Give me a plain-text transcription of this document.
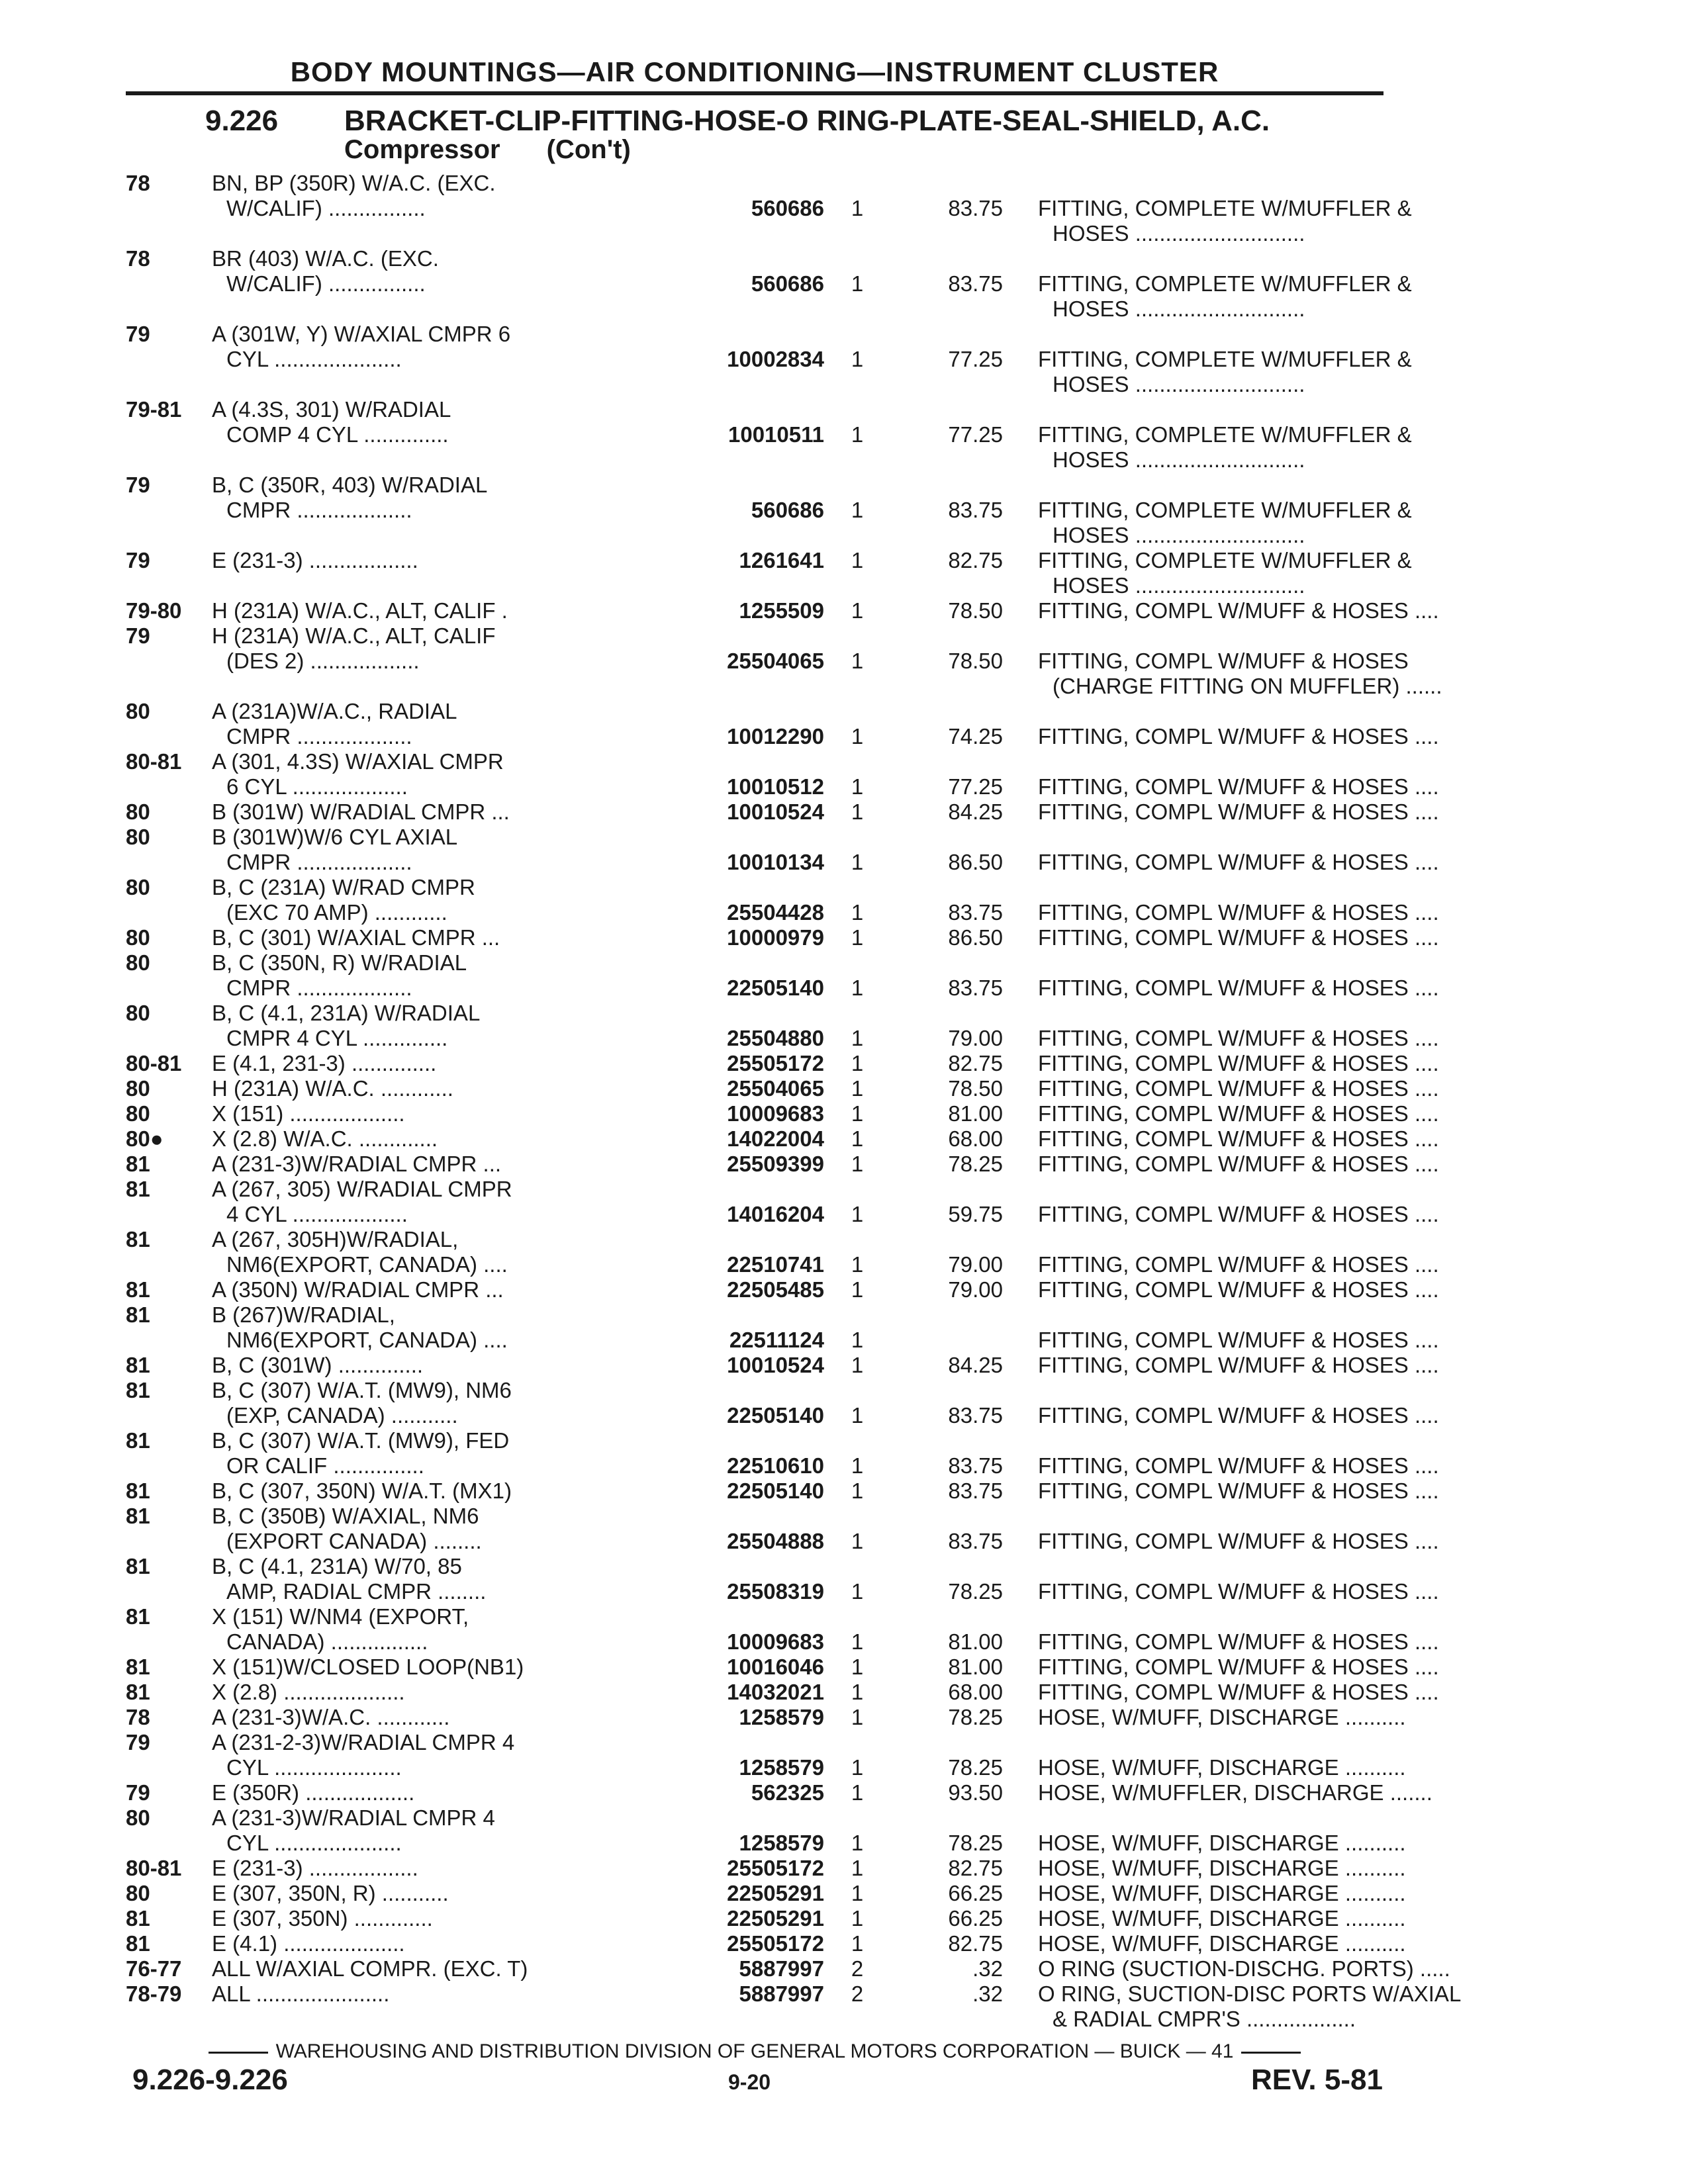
BODY MOUNTINGS—AIR CONDITIONING—INSTRUMENT CLUSTER
9.226 BRACKET-CLIP-FITTING-HOSE-O RING-PLATE-SEAL-SHIELD, A.C.
Compressor (Con't)
78	BN, BP (350R) W/A.C. (EXC.
W/CALIF) ................	560686	1	83.75 FITTING, COMPLETE W/MUFFLER &
HOSES ............................
78	BR (403) W/A.C. (EXC.
W/CALIF) ................	560686	1	83.75 FITTING, COMPLETE W/MUFFLER &
HOSES ............................
79	A (301W, Y) W/AXIAL CMPR 6
CYL .....................	10002834	1	77.25 FITTING, COMPLETE W/MUFFLER &
HOSES ............................
79-81 A (4.3S, 301) W/RADIAL
COMP 4 CYL ..............	10010511	1	77.25 FITTING, COMPLETE W/MUFFLER &
HOSES ............................
79	B, C (350R, 403) W/RADIAL
CMPR ...................	560686	1	83.75 FITTING, COMPLETE W/MUFFLER &
HOSES ............................
79	E (231-3) ..................	1261641	1	82.75 FITTING, COMPLETE W/MUFFLER &
HOSES ............................
79-80 H (231A) W/A.C., ALT, CALIF .	1255509	1	78.50 FITTING, COMPL W/MUFF & HOSES ....
79	H (231A) W/A.C., ALT, CALIF
(DES 2) ..................	25504065	1	78.50 FITTING, COMPL W/MUFF & HOSES
(CHARGE FITTING ON MUFFLER) ......
80	A (231A)W/A.C., RADIAL
CMPR ...................	10012290	1	74.25 FITTING, COMPL W/MUFF & HOSES ....
80-81 A (301, 4.3S) W/AXIAL CMPR
6 CYL ...................	10010512	1	77.25 FITTING, COMPL W/MUFF & HOSES ....
80	B (301W) W/RADIAL CMPR ...	10010524	1	84.25 FITTING, COMPL W/MUFF & HOSES ....
80	B (301W)W/6 CYL AXIAL
CMPR ...................	10010134	1	86.50 FITTING, COMPL W/MUFF & HOSES ....
80	B, C (231A) W/RAD CMPR
(EXC 70 AMP) ............	25504428	1	83.75 FITTING, COMPL W/MUFF & HOSES ....
80	B, C (301) W/AXIAL CMPR ...	10000979	1	86.50 FITTING, COMPL W/MUFF & HOSES ....
80	B, C (350N, R) W/RADIAL
CMPR ...................	22505140	1	83.75 FITTING, COMPL W/MUFF & HOSES ....
80	B, C (4.1, 231A) W/RADIAL
CMPR 4 CYL ..............	25504880	1	79.00 FITTING, COMPL W/MUFF & HOSES ....
80-81 E (4.1, 231-3) ..............	25505172	1	82.75 FITTING, COMPL W/MUFF & HOSES ....
80	H (231A) W/A.C. ............	25504065	1	78.50 FITTING, COMPL W/MUFF & HOSES ....
80	X (151) ...................	10009683	1	81.00 FITTING, COMPL W/MUFF & HOSES ....
80● X (2.8) W/A.C. .............	14022004	1	68.00 FITTING, COMPL W/MUFF & HOSES ....
81	A (231-3)W/RADIAL CMPR ...	25509399	1	78.25 FITTING, COMPL W/MUFF & HOSES ....
81	A (267, 305) W/RADIAL CMPR
4 CYL ...................	14016204	1	59.75 FITTING, COMPL W/MUFF & HOSES ....
81	A (267, 305H)W/RADIAL,
NM6(EXPORT, CANADA) ....	22510741	1	79.00 FITTING, COMPL W/MUFF & HOSES ....
81	A (350N) W/RADIAL CMPR ...	22505485	1	79.00 FITTING, COMPL W/MUFF & HOSES ....
81	B (267)W/RADIAL,
NM6(EXPORT, CANADA) ....	22511124	1	FITTING, COMPL W/MUFF & HOSES ....
81	B, C (301W) ..............	10010524	1	84.25 FITTING, COMPL W/MUFF & HOSES ....
81	B, C (307) W/A.T. (MW9), NM6
(EXP, CANADA) ...........	22505140	1	83.75 FITTING, COMPL W/MUFF & HOSES ....
81	B, C (307) W/A.T. (MW9), FED
OR CALIF ...............	22510610	1	83.75 FITTING, COMPL W/MUFF & HOSES ....
81	B, C (307, 350N) W/A.T. (MX1)	22505140	1	83.75 FITTING, COMPL W/MUFF & HOSES ....
81	B, C (350B) W/AXIAL, NM6
(EXPORT CANADA) ........	25504888	1	83.75 FITTING, COMPL W/MUFF & HOSES ....
81	B, C (4.1, 231A) W/70, 85
AMP, RADIAL CMPR ........	25508319	1	78.25 FITTING, COMPL W/MUFF & HOSES ....
81	X (151) W/NM4 (EXPORT,
CANADA) ................	10009683	1	81.00 FITTING, COMPL W/MUFF & HOSES ....
81	X (151)W/CLOSED LOOP(NB1)	10016046	1	81.00 FITTING, COMPL W/MUFF & HOSES ....
81	X (2.8) ....................	14032021	1	68.00 FITTING, COMPL W/MUFF & HOSES ....
78	A (231-3)W/A.C. ............	1258579	1	78.25 HOSE, W/MUFF, DISCHARGE ..........
79	A (231-2-3)W/RADIAL CMPR 4
CYL .....................	1258579	1	78.25 HOSE, W/MUFF, DISCHARGE ..........
79	E (350R) ..................	562325	1	93.50 HOSE, W/MUFFLER, DISCHARGE .......
80	A (231-3)W/RADIAL CMPR 4
CYL .....................	1258579	1	78.25 HOSE, W/MUFF, DISCHARGE ..........
80-81 E (231-3) ..................	25505172	1	82.75 HOSE, W/MUFF, DISCHARGE ..........
80	E (307, 350N, R) ...........	22505291	1	66.25 HOSE, W/MUFF, DISCHARGE ..........
81	E (307, 350N) .............	22505291	1	66.25 HOSE, W/MUFF, DISCHARGE ..........
81	E (4.1) ....................	25505172	1	82.75 HOSE, W/MUFF, DISCHARGE ..........
76-77 ALL W/AXIAL COMPR. (EXC. T)	5887997	2	.32 O RING (SUCTION-DISCHG. PORTS) .....
78-79 ALL ......................	5887997	2	.32 O RING, SUCTION-DISC PORTS W/AXIAL
& RADIAL CMPR'S ..................
WAREHOUSING AND DISTRIBUTION DIVISION OF GENERAL MOTORS CORPORATION — BUICK — 41
9.226-9.226	9-20	REV. 5-81
